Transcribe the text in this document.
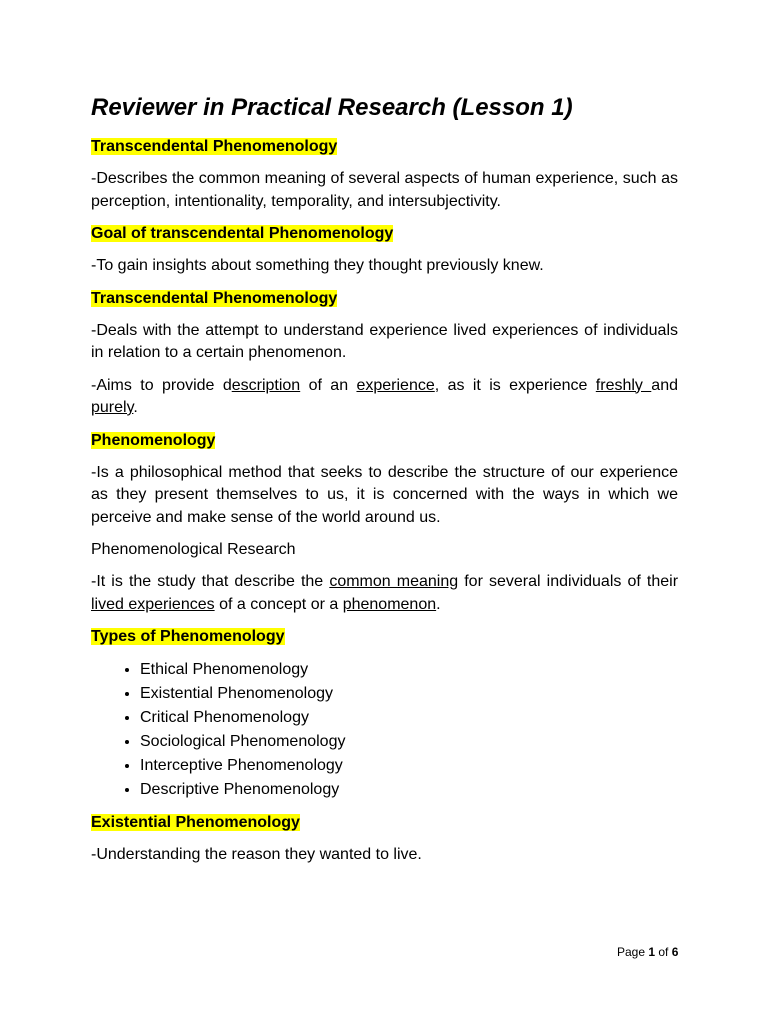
Reviewer in Practical Research (Lesson 1)
Transcendental Phenomenology

-Describes the common meaning of several aspects of human experience, such as perception, intentionality, temporality, and intersubjectivity.

Goal of transcendental Phenomenology

-To gain insights about something they thought previously knew.

Transcendental Phenomenology

-Deals with the attempt to understand experience lived experiences of individuals in relation to a certain phenomenon.

-Aims to provide description of an experience, as it is experience freshly and purely.

Phenomenology

-Is a philosophical method that seeks to describe the structure of our experience as they present themselves to us, it is concerned with the ways in which we perceive and make sense of the world around us.

Phenomenological Research

-It is the study that describe the common meaning for several individuals of their lived experiences of a concept or a phenomenon.

Types of Phenomenology
• Ethical Phenomenology
• Existential Phenomenology
• Critical Phenomenology
• Sociological Phenomenology
• Interceptive Phenomenology
• Descriptive Phenomenology
Existential Phenomenology

-Understanding the reason they wanted to live.

Page 1 of 6
